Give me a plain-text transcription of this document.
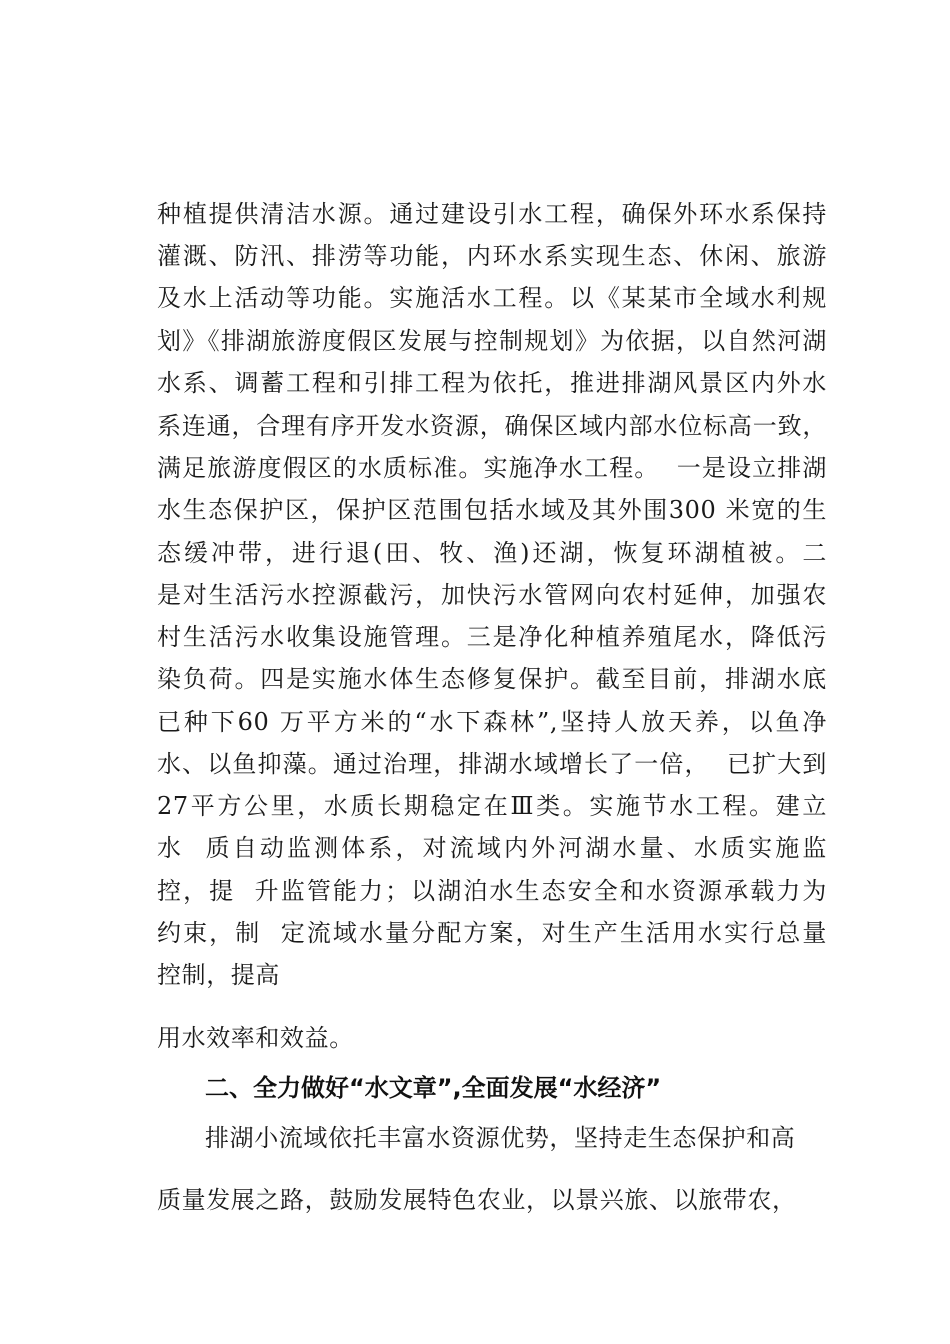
种植提供清洁水源。通过建设引水工程，确保外环水系保持
灌溉、防汛、排涝等功能，内环水系实现生态、休闲、旅游
及水上活动等功能。实施活水工程。以《某某市全域水利规
划》《排湖旅游度假区发展与控制规划》为依据，以自然河湖
水系、调蓄工程和引排工程为依托，推进排湖风景区内外水
系连通，合理有序开发水资源，确保区域内部水位标高一致，
满足旅游度假区的水质标准。实施净水工程。  一是设立排湖
水生态保护区，保护区范围包括水域及其外围300 米宽的生
态缓冲带，进行退(田、牧、渔)还湖，恢复环湖植被。二
是对生活污水控源截污，加快污水管网向农村延伸，加强农
村生活污水收集设施管理。三是净化种植养殖尾水，降低污
染负荷。四是实施水体生态修复保护。截至目前，排湖水底
已种下60 万平方米的“水下森林”,坚持人放天养，以鱼净
水、以鱼抑藻。通过治理，排湖水域增长了一倍，  已扩大到
27平方公里，水质长期稳定在Ⅲ类。实施节水工程。建立
水  质自动监测体系，对流域内外河湖水量、水质实施监
控，提  升监管能力；以湖泊水生态安全和水资源承载力为
约束，制  定流域水量分配方案，对生产生活用水实行总量
控制，提高
用水效率和效益。
二、全力做好“水文章”,全面发展“水经济”
排湖小流域依托丰富水资源优势，坚持走生态保护和高
质量发展之路，鼓励发展特色农业，以景兴旅、以旅带农，
